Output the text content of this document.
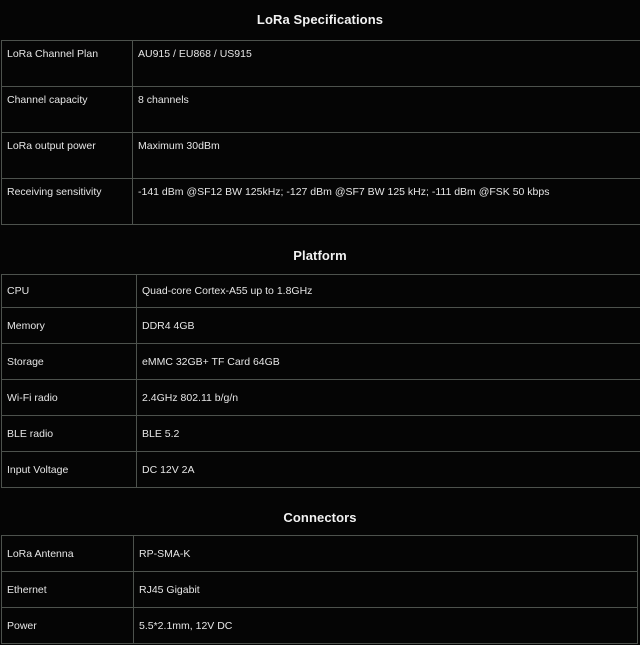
LoRa Specifications
LoRa Channel Plan	AU915 / EU868 / US915
Channel capacity	8 channels
LoRa output power	Maximum 30dBm
Receiving sensitivity	-141 dBm @SF12 BW 125kHz; -127 dBm @SF7 BW 125 kHz; -111 dBm @FSK 50 kbps
Platform
CPU	Quad-core Cortex-A55 up to 1.8GHz
Memory	DDR4 4GB
Storage	eMMC 32GB+ TF Card 64GB
Wi-Fi radio	2.4GHz 802.11 b/g/n
BLE radio	BLE 5.2
Input Voltage	DC 12V 2A
Connectors
LoRa Antenna	RP-SMA-K
Ethernet	RJ45 Gigabit
Power	5.5*2.1mm, 12V DC
